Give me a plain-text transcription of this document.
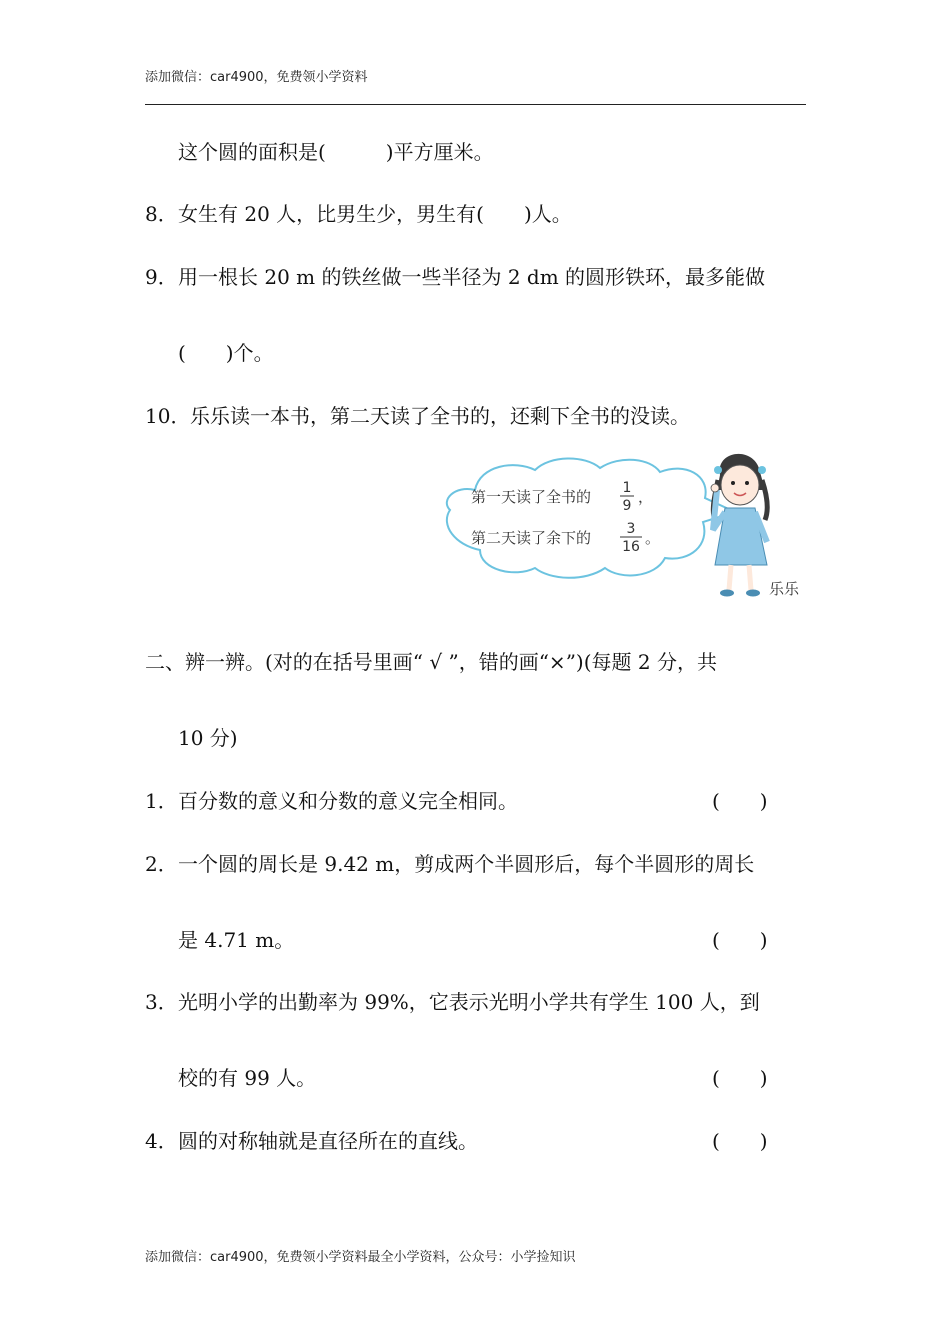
添加微信：car4900，免费领小学资料
这个圆的面积是(　　　)平方厘米。
8． 女生有 20 人，比男生少，男生有(　　)人。
9． 用一根长 20 m 的铁丝做一些半径为 2 dm 的圆形铁环，最多能做
(　　)个。
10． 乐乐读一本书，第二天读了全书的，还剩下全书的没读。
第一天读了全书的 1
9 ，
第二天读了余下的	3
16 。
乐乐
二、辨一辨。(对的在括号里画“ √ ”，错的画“×”)(每题 2 分，共
10 分)
1． 百分数的意义和分数的意义完全相同。	(　　)
2． 一个圆的周长是 9.42 m，剪成两个半圆形后，每个半圆形的周长
是 4.71 m。	(　　)
3． 光明小学的出勤率为 99%，它表示光明小学共有学生 100 人，到
校的有 99 人。	(　　)
4． 圆的对称轴就是直径所在的直线。	(　　)
添加微信：car4900，免费领小学资料最全小学资料，公众号：小学捡知识
